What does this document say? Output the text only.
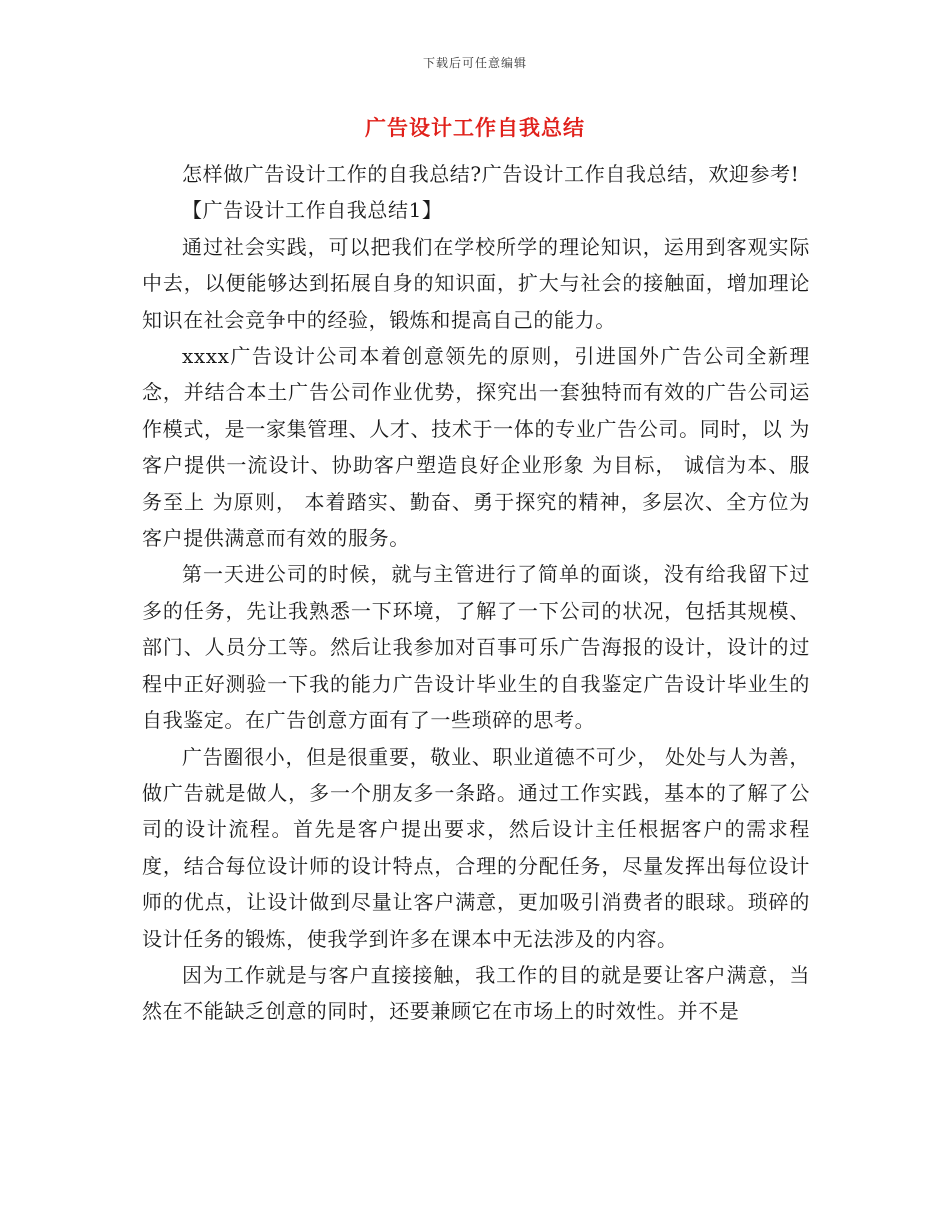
下载后可任意编辑
广告设计工作自我总结

怎样做广告设计工作的自我总结?广告设计工作自我总结，欢迎参考!

【广告设计工作自我总结1】

通过社会实践，可以把我们在学校所学的理论知识，运用到客观实际中去，以便能够达到拓展自身的知识面，扩大与社会的接触面，增加理论知识在社会竞争中的经验，锻炼和提高自己的能力。

xxxx广告设计公司本着创意领先的原则，引进国外广告公司全新理念，并结合本土广告公司作业优势，探究出一套独特而有效的广告公司运作模式，是一家集管理、人才、技术于一体的专业广告公司。同时，以 为客户提供一流设计、协助客户塑造良好企业形象 为目标， 诚信为本、服务至上 为原则， 本着踏实、勤奋、勇于探究的精神，多层次、全方位为客户提供满意而有效的服务。

第一天进公司的时候，就与主管进行了简单的面谈，没有给我留下过多的任务，先让我熟悉一下环境，了解了一下公司的状况，包括其规模、部门、人员分工等。然后让我参加对百事可乐广告海报的设计，设计的过程中正好测验一下我的能力广告设计毕业生的自我鉴定广告设计毕业生的自我鉴定。在广告创意方面有了一些琐碎的思考。

广告圈很小，但是很重要，敬业、职业道德不可少， 处处与人为善，做广告就是做人，多一个朋友多一条路。通过工作实践，基本的了解了公司的设计流程。首先是客户提出要求，然后设计主任根据客户的需求程度，结合每位设计师的设计特点，合理的分配任务，尽量发挥出每位设计师的优点，让设计做到尽量让客户满意，更加吸引消费者的眼球。琐碎的设计任务的锻炼，使我学到许多在课本中无法涉及的内容。

因为工作就是与客户直接接触，我工作的目的就是要让客户满意，当然在不能缺乏创意的同时，还要兼顾它在市场上的时效性。并不是
